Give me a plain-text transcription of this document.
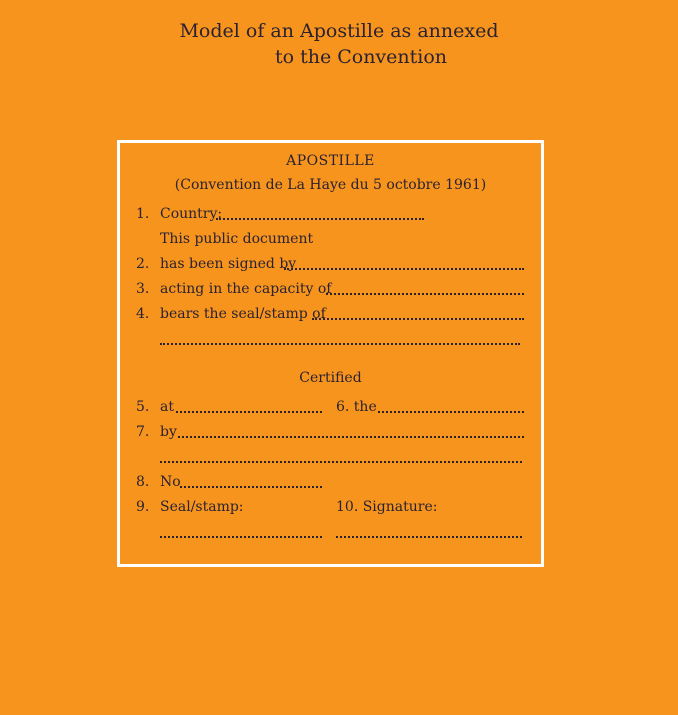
Model of an Apostille as annexed
to the Convention
APOSTILLE
(Convention de La Haye du 5 octobre 1961)
1. Country:
This public document
2. has been signed by
3. acting in the capacity of
4. bears the seal/stamp of
Certified
5. at	6. the
7. by
8. No
9. Seal/stamp:	10. Signature:
